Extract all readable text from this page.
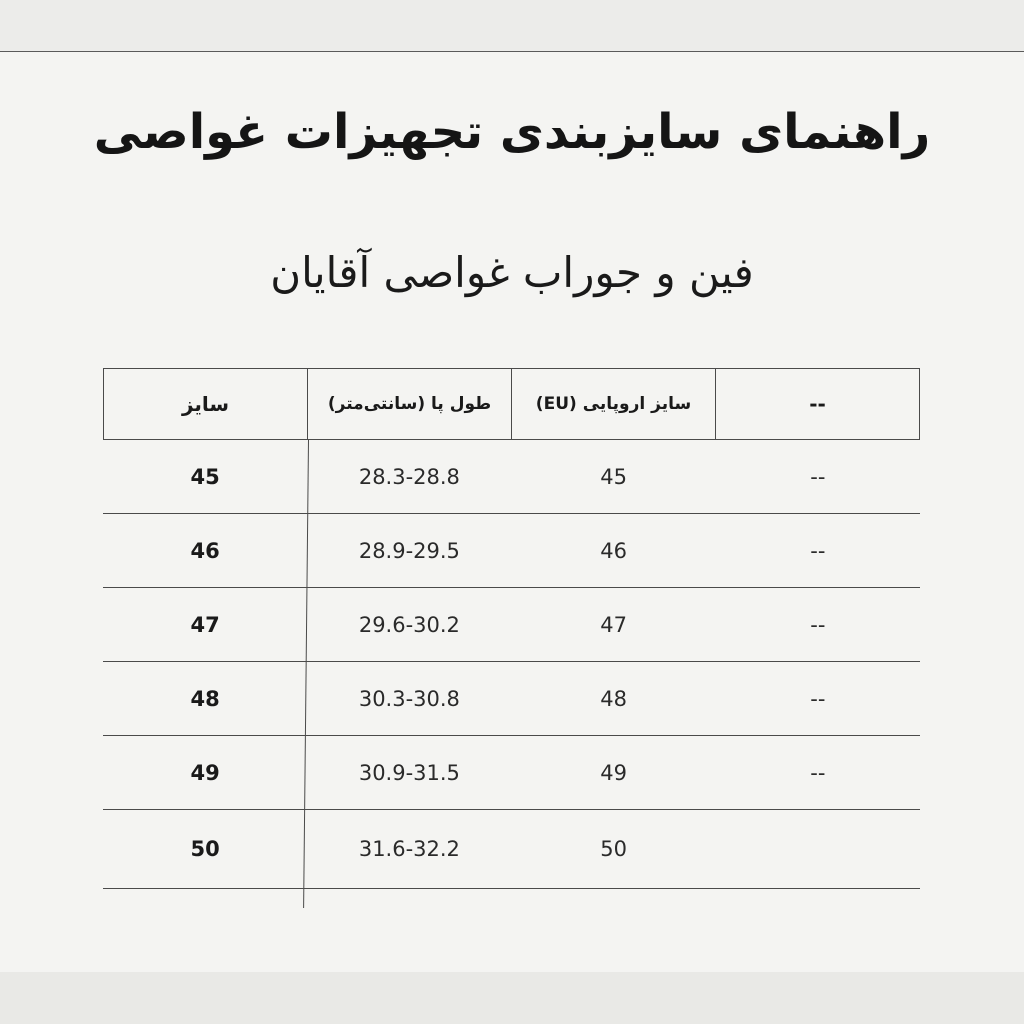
راهنمای سایزبندی تجهیزات غواصی
فین و جوراب غواصی آقایان
سایز	طول پا (سانتی‌متر)	سایز اروپایی (EU)	--
45	28.3-28.8	45	--
46	28.9-29.5	46	--
47	29.6-30.2	47	--
48	30.3-30.8	48	--
49	30.9-31.5	49	--
50	31.6-32.2	50
